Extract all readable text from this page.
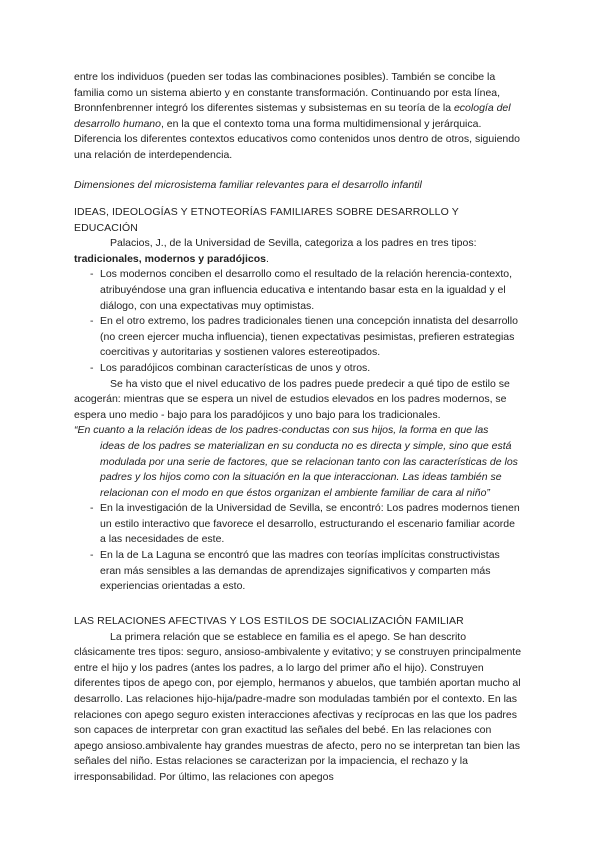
entre los individuos (pueden ser todas las combinaciones posibles). También se concibe la familia como un sistema abierto y en constante transformación. Continuando por esta línea, Bronnfenbrenner integró los diferentes sistemas y subsistemas en su teoría de la ecología del desarrollo humano, en la que el contexto toma una forma multidimensional y jerárquica. Diferencia los diferentes contextos educativos como contenidos unos dentro de otros, siguiendo una relación de interdependencia.

Dimensiones del microsistema familiar relevantes para el desarrollo infantil

IDEAS, IDEOLOGÍAS Y ETNOTEORÍAS FAMILIARES SOBRE DESARROLLO Y EDUCACIÓN

Palacios, J., de la Universidad de Sevilla, categoriza a los padres en tres tipos: tradicionales, modernos y paradójicos.

- Los modernos conciben el desarrollo como el resultado de la relación herencia-contexto, atribuyéndose una gran influencia educativa e intentando basar esta en la igualdad y el diálogo, con una expectativas muy optimistas.
- En el otro extremo, los padres tradicionales tienen una concepción innatista del desarrollo (no creen ejercer mucha influencia), tienen expectativas pesimistas, prefieren estrategias coercitivas y autoritarias y sostienen valores estereotipados.
- Los paradójicos combinan características de unos y otros.

Se ha visto que el nivel educativo de los padres puede predecir a qué tipo de estilo se acogerán: mientras que se espera un nivel de estudios elevados en los padres modernos, se espera uno medio - bajo para los paradójicos y uno bajo para los tradicionales.

“En cuanto a la relación ideas de los padres-conductas con sus hijos, la forma en que las
ideas de los padres se materializan en su conducta no es directa y simple, sino que está modulada por una serie de factores, que se relacionan tanto con las características de los padres y los hijos como con la situación en la que interaccionan. Las ideas también se relacionan con el modo en que éstos organizan el ambiente familiar de cara al niño”
- En la investigación de la Universidad de Sevilla, se encontró: Los padres modernos tienen un estilo interactivo que favorece el desarrollo, estructurando el escenario familiar acorde a las necesidades de este.
- En la de La Laguna se encontró que las madres con teorías implícitas constructivistas eran más sensibles a las demandas de aprendizajes significativos y comparten más experiencias orientadas a esto.

LAS RELACIONES AFECTIVAS Y LOS ESTILOS DE SOCIALIZACIÓN FAMILIAR

La primera relación que se establece en familia es el apego. Se han descrito clásicamente tres tipos: seguro, ansioso-ambivalente y evitativo; y se construyen principalmente entre el hijo y los padres (antes los padres, a lo largo del primer año el hijo). Construyen diferentes tipos de apego con, por ejemplo, hermanos y abuelos, que también aportan mucho al desarrollo. Las relaciones hijo-hija/padre-madre son moduladas también por el contexto. En las relaciones con apego seguro existen interacciones afectivas y recíprocas en las que los padres son capaces de interpretar con gran exactitud las señales del bebé. En las relaciones con apego ansioso.ambivalente hay grandes muestras de afecto, pero no se interpretan tan bien las señales del niño. Estas relaciones se caracterizan por la impaciencia, el rechazo y la irresponsabilidad. Por último, las relaciones con apegos
